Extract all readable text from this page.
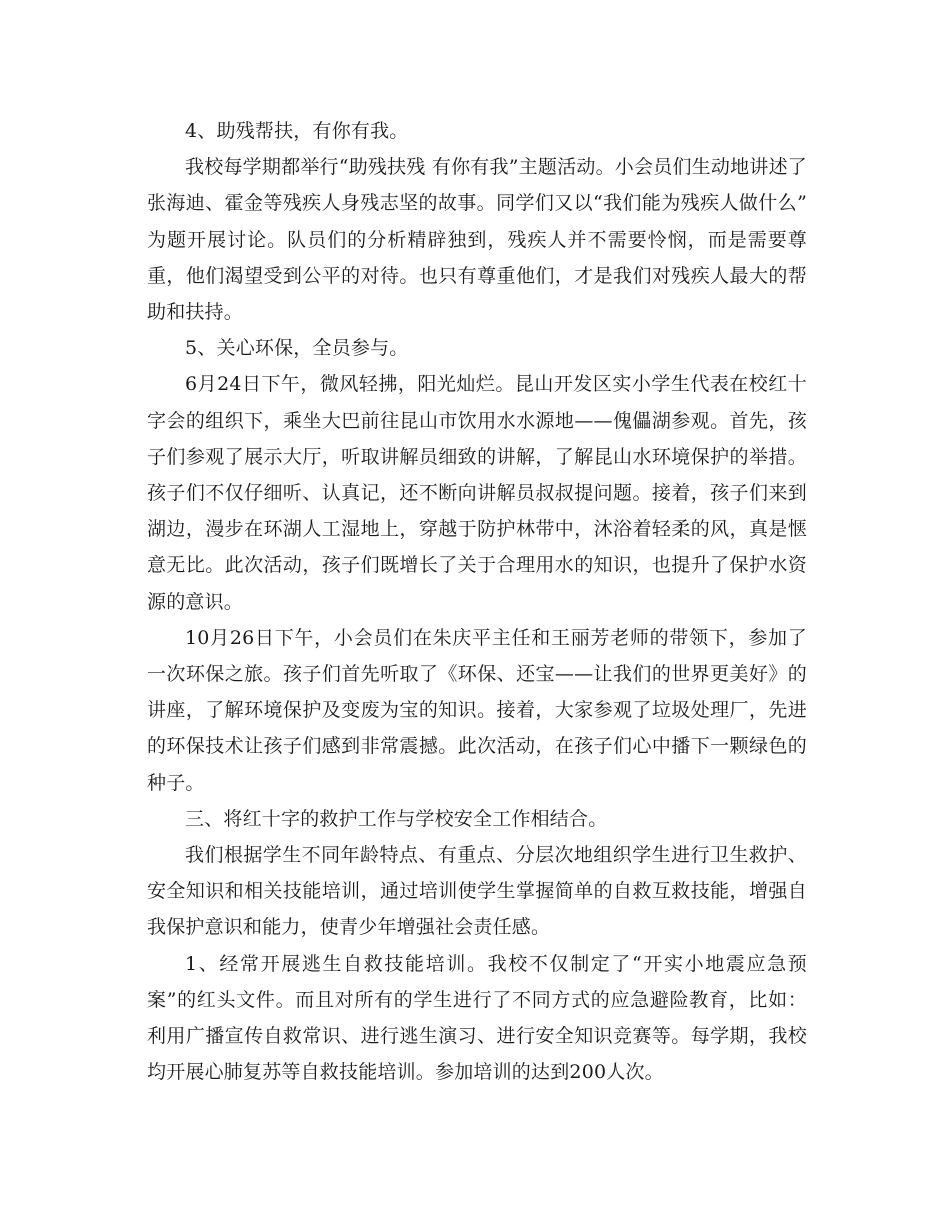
4、助残帮扶，有你有我。

我校每学期都举行“助残扶残 有你有我”主题活动。小会员们生动地讲述了张海迪、霍金等残疾人身残志坚的故事。同学们又以“我们能为残疾人做什么” 为题开展讨论。队员们的分析精辟独到，残疾人并不需要怜悯，而是需要尊重，他们渴望受到公平的对待。也只有尊重他们，才是我们对残疾人最大的帮助和扶持。

5、关心环保，全员参与。

6月24日下午，微风轻拂，阳光灿烂。昆山开发区实小学生代表在校红十字会的组织下，乘坐大巴前往昆山市饮用水水源地——傀儡湖参观。首先，孩子们参观了展示大厅，听取讲解员细致的讲解，了解昆山水环境保护的举措。孩子们不仅仔细听、认真记，还不断向讲解员叔叔提问题。接着，孩子们来到湖边，漫步在环湖人工湿地上，穿越于防护林带中，沐浴着轻柔的风，真是惬意无比。此次活动，孩子们既增长了关于合理用水的知识，也提升了保护水资源的意识。

10月26日下午，小会员们在朱庆平主任和王丽芳老师的带领下，参加了一次环保之旅。孩子们首先听取了《环保、还宝——让我们的世界更美好》的讲座，了解环境保护及变废为宝的知识。接着，大家参观了垃圾处理厂，先进的环保技术让孩子们感到非常震撼。此次活动，在孩子们心中播下一颗绿色的种子。

三、将红十字的救护工作与学校安全工作相结合。

我们根据学生不同年龄特点、有重点、分层次地组织学生进行卫生救护、安全知识和相关技能培训，通过培训使学生掌握简单的自救互救技能，增强自我保护意识和能力，使青少年增强社会责任感。

1、经常开展逃生自救技能培训。我校不仅制定了“开实小地震应急预案”的红头文件。而且对所有的学生进行了不同方式的应急避险教育，比如：利用广播宣传自救常识、进行逃生演习、进行安全知识竞赛等。每学期，我校均开展心肺复苏等自救技能培训。参加培训的达到200人次。
